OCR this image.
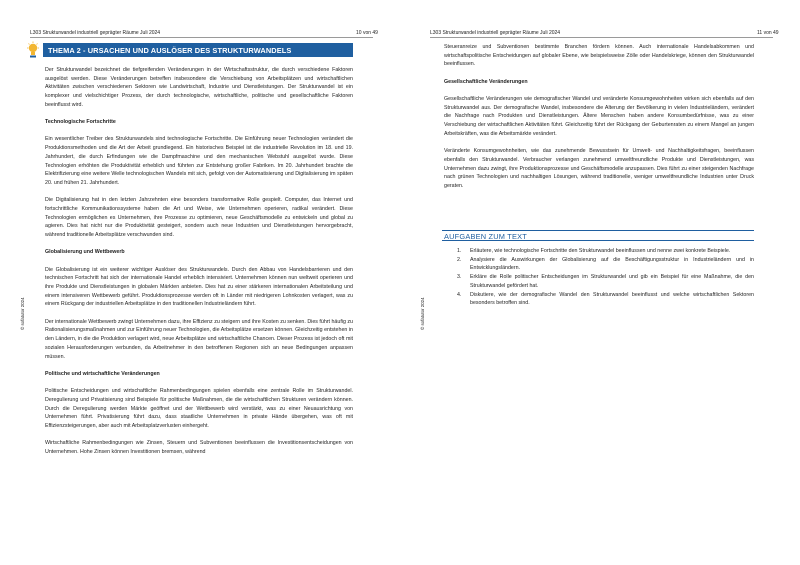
L303 Strukturwandel industriell geprägter Räume Juli 2024	10 von 49
THEMA 2 - URSACHEN UND AUSLÖSER DES STRUKTURWANDELS
© sofatutor 2024

Der Strukturwandel bezeichnet die tiefgreifenden Veränderungen in der Wirtschaftsstruktur, die durch verschiedene Faktoren ausgelöst werden. Diese Veränderungen betreffen insbesondere die Verschiebung von Arbeitsplätzen und wirtschaftlichen Aktivitäten zwischen verschiedenen Sektoren wie Landwirtschaft, Industrie und Dienstleistungen. Der Strukturwandel ist ein komplexer und vielschichtiger Prozess, der durch technologische, wirtschaftliche, politische und gesellschaftliche Faktoren beeinflusst wird.

Technologische Fortschritte

Ein wesentlicher Treiber des Strukturwandels sind technologische Fortschritte. Die Einführung neuer Technologien verändert die Produktionsmethoden und die Art der Arbeit grundlegend. Ein historisches Beispiel ist die industrielle Revolution im 18. und 19. Jahrhundert, die durch Erfindungen wie die Dampfmaschine und den mechanischen Webstuhl ausgelöst wurde. Diese Technologien erhöhten die Produktivität erheblich und führten zur Entstehung großer Fabriken. Im 20. Jahrhundert brachte die Elektrifizierung eine weitere Welle technologischen Wandels mit sich, gefolgt von der Automatisierung und Digitalisierung im späten 20. und frühen 21. Jahrhundert.

Die Digitalisierung hat in den letzten Jahrzehnten eine besonders transformative Rolle gespielt. Computer, das Internet und fortschrittliche Kommunikationssysteme haben die Art und Weise, wie Unternehmen operieren, radikal verändert. Diese Technologien ermöglichen es Unternehmen, ihre Prozesse zu optimieren, neue Geschäftsmodelle zu entwickeln und global zu agieren. Dies hat nicht nur die Produktivität gesteigert, sondern auch neue Industrien und Dienstleistungen hervorgebracht, während traditionelle Arbeitsplätze verschwunden sind.

Globalisierung und Wettbewerb

Die Globalisierung ist ein weiterer wichtiger Auslöser des Strukturwandels. Durch den Abbau von Handelsbarrieren und den technischen Fortschritt hat sich der internationale Handel erheblich intensiviert. Unternehmen können nun weltweit operieren und ihre Produkte und Dienstleistungen in globalen Märkten anbieten. Dies hat zu einer stärkeren internationalen Arbeitsteilung und einem intensiveren Wettbewerb geführt. Produktionsprozesse werden oft in Länder mit niedrigeren Lohnkosten verlagert, was zu einem Rückgang der industriellen Arbeitsplätze in den traditionellen Industrieländern führt.

Der internationale Wettbewerb zwingt Unternehmen dazu, ihre Effizienz zu steigern und ihre Kosten zu senken. Dies führt häufig zu Rationalisierungsmaßnahmen und zur Einführung neuer Technologien, die Arbeitsplätze ersetzen können. Gleichzeitig entstehen in den Ländern, in die die Produktion verlagert wird, neue Arbeitsplätze und wirtschaftliche Chancen. Dieser Prozess ist jedoch oft mit sozialen Herausforderungen verbunden, da Arbeitnehmer in den betroffenen Regionen sich an neue Bedingungen anpassen müssen.

Politische und wirtschaftliche Veränderungen

Politische Entscheidungen und wirtschaftliche Rahmenbedingungen spielen ebenfalls eine zentrale Rolle im Strukturwandel. Deregulierung und Privatisierung sind Beispiele für politische Maßnahmen, die die wirtschaftlichen Strukturen verändern können. Durch die Deregulierung werden Märkte geöffnet und der Wettbewerb wird verstärkt, was zu einer Neuausrichtung von Unternehmen führt. Privatisierung führt dazu, dass staatliche Unternehmen in private Hände übergehen, was oft mit Effizienzsteigerungen, aber auch mit Arbeitsplatzverlusten einhergeht.

Wirtschaftliche Rahmenbedingungen wie Zinsen, Steuern und Subventionen beeinflussen die Investitionsentscheidungen von Unternehmen. Hohe Zinsen können Investitionen bremsen, während

L303 Strukturwandel industriell geprägter Räume Juli 2024	11 von 49
© sofatutor 2024

Steueranreize und Subventionen bestimmte Branchen fördern können. Auch internationale Handelsabkommen und wirtschaftspolitische Entscheidungen auf globaler Ebene, wie beispielsweise Zölle oder Handelskriege, können den Strukturwandel beeinflussen.

Gesellschaftliche Veränderungen

Gesellschaftliche Veränderungen wie demografischer Wandel und veränderte Konsumgewohnheiten wirken sich ebenfalls auf den Strukturwandel aus. Der demografische Wandel, insbesondere die Alterung der Bevölkerung in vielen Industrieländern, verändert die Nachfrage nach Produkten und Dienstleistungen. Ältere Menschen haben andere Konsumbedürfnisse, was zu einer Verschiebung der wirtschaftlichen Aktivitäten führt. Gleichzeitig führt der Rückgang der Geburtenraten zu einem Mangel an jungen Arbeitskräften, was die Arbeitsmärkte verändert.

Veränderte Konsumgewohnheiten, wie das zunehmende Bewusstsein für Umwelt- und Nachhaltigkeitsfragen, beeinflussen ebenfalls den Strukturwandel. Verbraucher verlangen zunehmend umweltfreundliche Produkte und Dienstleistungen, was Unternehmen dazu zwingt, ihre Produktionsprozesse und Geschäftsmodelle anzupassen. Dies führt zu einer steigenden Nachfrage nach grünen Technologien und nachhaltigen Lösungen, während traditionelle, weniger umweltfreundliche Industrien unter Druck geraten.

AUFGABEN ZUM TEXT
1. Erläutere, wie technologische Fortschritte den Strukturwandel beeinflussen und nenne zwei konkrete Beispiele.
2. Analysiere die Auswirkungen der Globalisierung auf die Beschäftigungsstruktur in Industrieländern und in Entwicklungsländern.
3. Erkläre die Rolle politischer Entscheidungen im Strukturwandel und gib ein Beispiel für eine Maßnahme, die den Strukturwandel gefördert hat.
4. Diskutiere, wie der demografische Wandel den Strukturwandel beeinflusst und welche wirtschaftlichen Sektoren besonders betroffen sind.
